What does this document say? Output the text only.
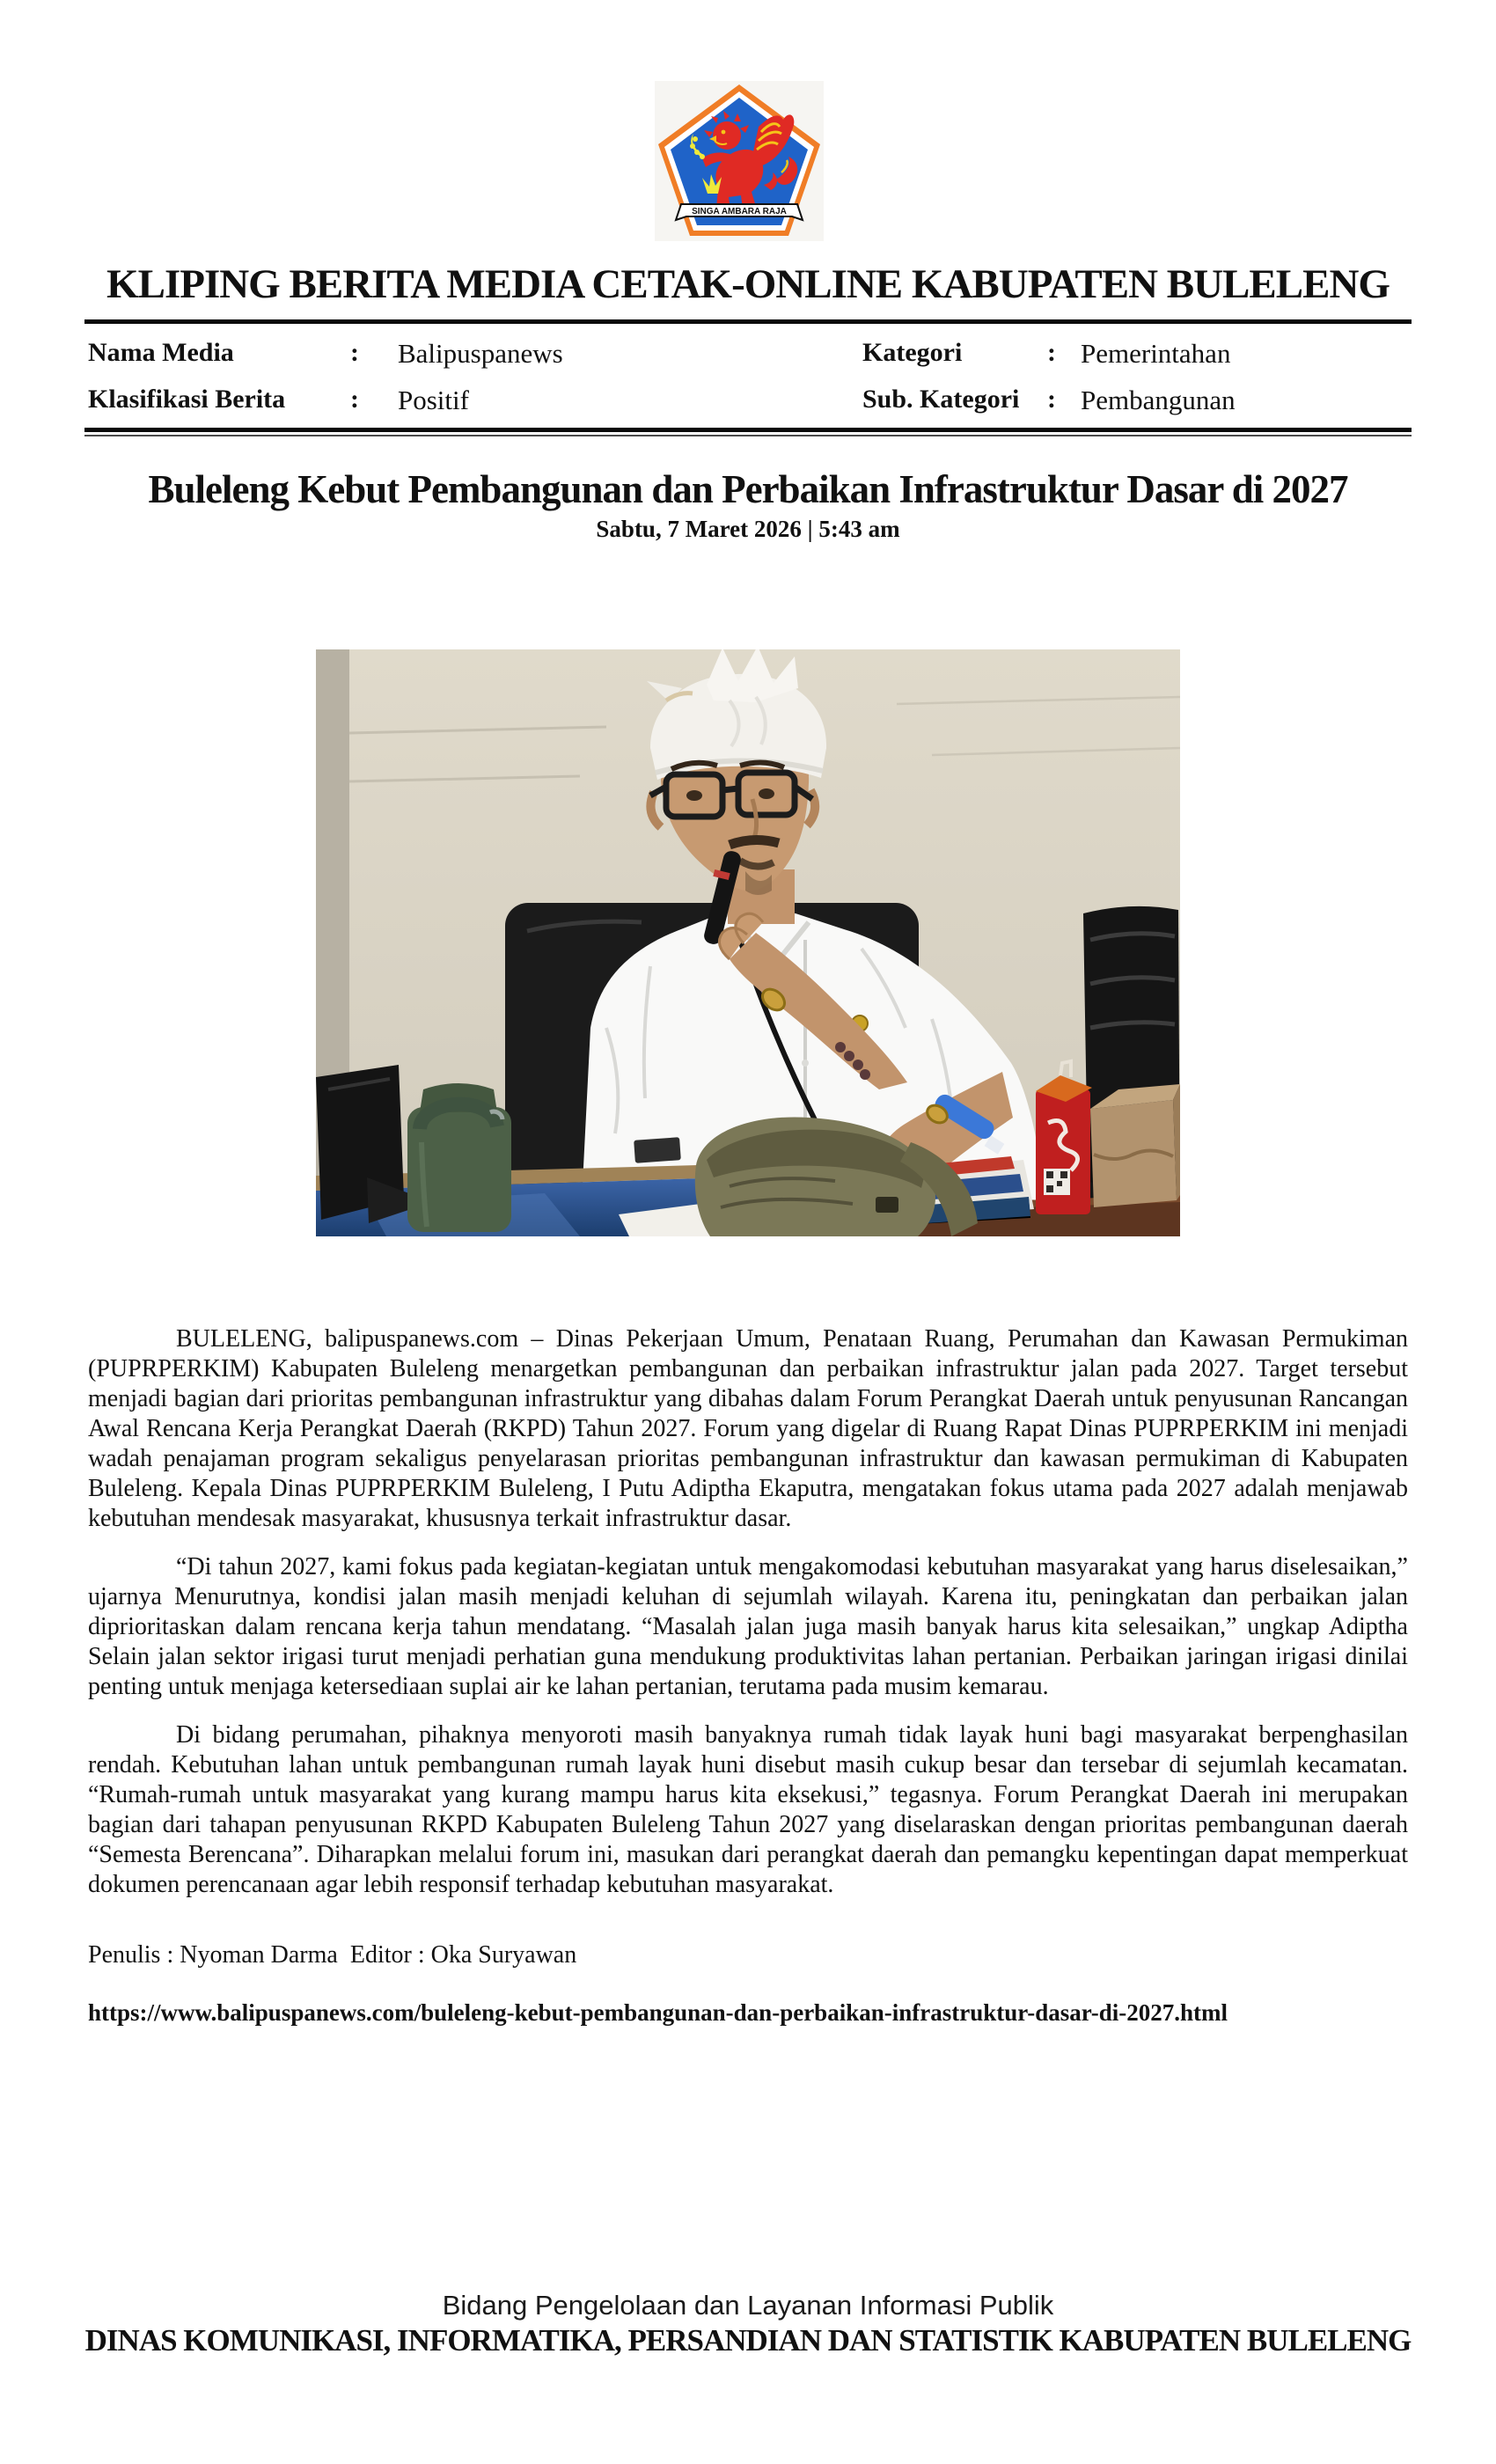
SINGA AMBARA RAJA
KLIPING BERITA MEDIA CETAK-ONLINE KABUPATEN BULELENG
Nama Media	: Balipuspanews	Kategori	: Pemerintahan
Klasifikasi Berita : Positif	Sub. Kategori : Pembangunan
Buleleng Kebut Pembangunan dan Perbaikan Infrastruktur Dasar di 2027
Sabtu, 7 Maret 2026 | 5:43 am

BULELENG, balipuspanews.com – Dinas Pekerjaan Umum, Penataan Ruang, Perumahan dan Kawasan Permukiman (PUPRPERKIM) Kabupaten Buleleng menargetkan pembangunan dan perbaikan infrastruktur jalan pada 2027. Target tersebut menjadi bagian dari prioritas pembangunan infrastruktur yang dibahas dalam Forum Perangkat Daerah untuk penyusunan Rancangan Awal Rencana Kerja Perangkat Daerah (RKPD) Tahun 2027. Forum yang digelar di Ruang Rapat Dinas PUPRPERKIM ini menjadi wadah penajaman program sekaligus penyelarasan prioritas pembangunan infrastruktur dan kawasan permukiman di Kabupaten Buleleng. Kepala Dinas PUPRPERKIM Buleleng, I Putu Adiptha Ekaputra, mengatakan fokus utama pada 2027 adalah menjawab kebutuhan mendesak masyarakat, khususnya terkait infrastruktur dasar.

“Di tahun 2027, kami fokus pada kegiatan-kegiatan untuk mengakomodasi kebutuhan masyarakat yang harus diselesaikan,” ujarnya Menurutnya, kondisi jalan masih menjadi keluhan di sejumlah wilayah. Karena itu, peningkatan dan perbaikan jalan diprioritaskan dalam rencana kerja tahun mendatang. “Masalah jalan juga masih banyak harus kita selesaikan,” ungkap Adiptha Selain jalan sektor irigasi turut menjadi perhatian guna mendukung produktivitas lahan pertanian. Perbaikan jaringan irigasi dinilai penting untuk menjaga ketersediaan suplai air ke lahan pertanian, terutama pada musim kemarau.

Di bidang perumahan, pihaknya menyoroti masih banyaknya rumah tidak layak huni bagi masyarakat berpenghasilan rendah. Kebutuhan lahan untuk pembangunan rumah layak huni disebut masih cukup besar dan tersebar di sejumlah kecamatan. “Rumah-rumah untuk masyarakat yang kurang mampu harus kita eksekusi,” tegasnya. Forum Perangkat Daerah ini merupakan bagian dari tahapan penyusunan RKPD Kabupaten Buleleng Tahun 2027 yang diselaraskan dengan prioritas pembangunan daerah “Semesta Berencana”. Diharapkan melalui forum ini, masukan dari perangkat daerah dan pemangku kepentingan dapat memperkuat dokumen perencanaan agar lebih responsif terhadap kebutuhan masyarakat.

Penulis : Nyoman Darma  Editor : Oka Suryawan
https://www.balipuspanews.com/buleleng-kebut-pembangunan-dan-perbaikan-infrastruktur-dasar-di-2027.html
Bidang Pengelolaan dan Layanan Informasi Publik
DINAS KOMUNIKASI, INFORMATIKA, PERSANDIAN DAN STATISTIK KABUPATEN BULELENG
